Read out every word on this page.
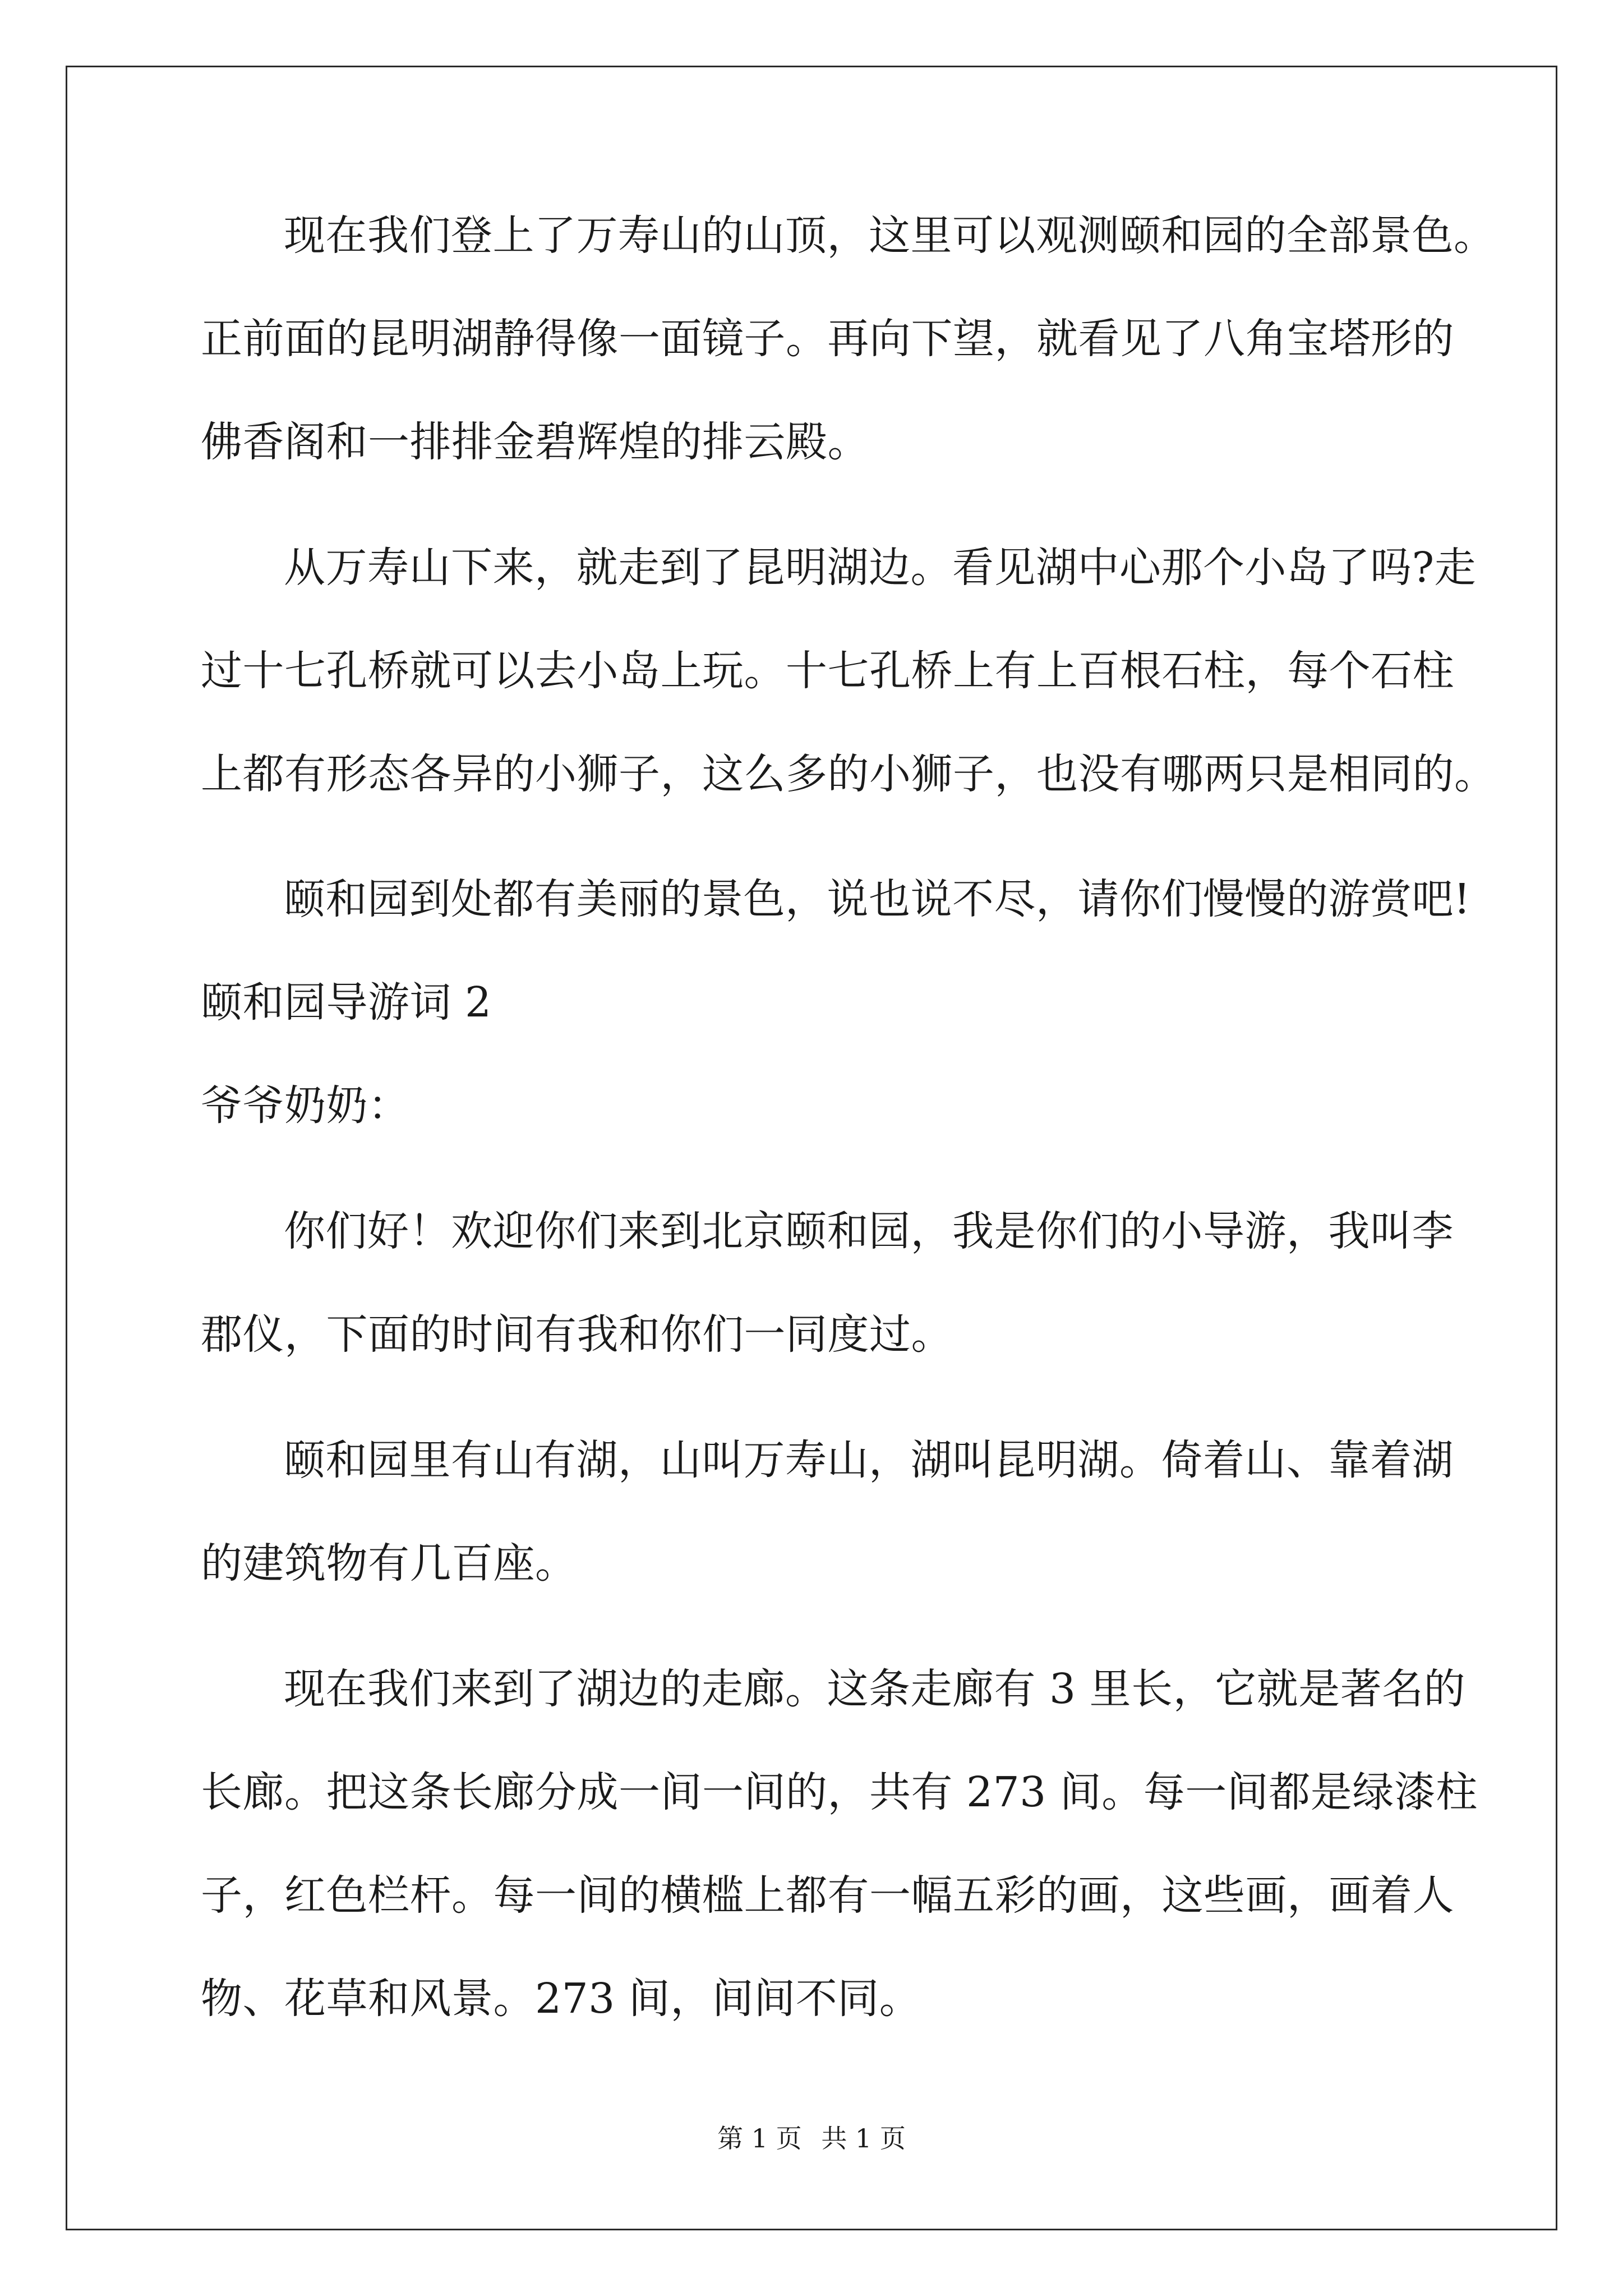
现在我们登上了万寿山的山顶，这里可以观测颐和园的全部景色。
正前面的昆明湖静得像一面镜子。再向下望，就看见了八角宝塔形的
佛香阁和一排排金碧辉煌的排云殿。
从万寿山下来，就走到了昆明湖边。看见湖中心那个小岛了吗?走
过十七孔桥就可以去小岛上玩。十七孔桥上有上百根石柱，每个石柱
上都有形态各异的小狮子，这么多的小狮子，也没有哪两只是相同的。
颐和园到处都有美丽的景色，说也说不尽，请你们慢慢的游赏吧!
颐和园导游词 2
爷爷奶奶：
你们好！欢迎你们来到北京颐和园，我是你们的小导游，我叫李
郡仪，下面的时间有我和你们一同度过。
颐和园里有山有湖，山叫万寿山，湖叫昆明湖。倚着山、靠着湖
的建筑物有几百座。
现在我们来到了湖边的走廊。这条走廊有 3 里长，它就是著名的
长廊。把这条长廊分成一间一间的，共有 273 间。每一间都是绿漆柱
子，红色栏杆。每一间的横槛上都有一幅五彩的画，这些画，画着人
物、花草和风景。273 间，间间不同。
第 1 页 共 1 页
